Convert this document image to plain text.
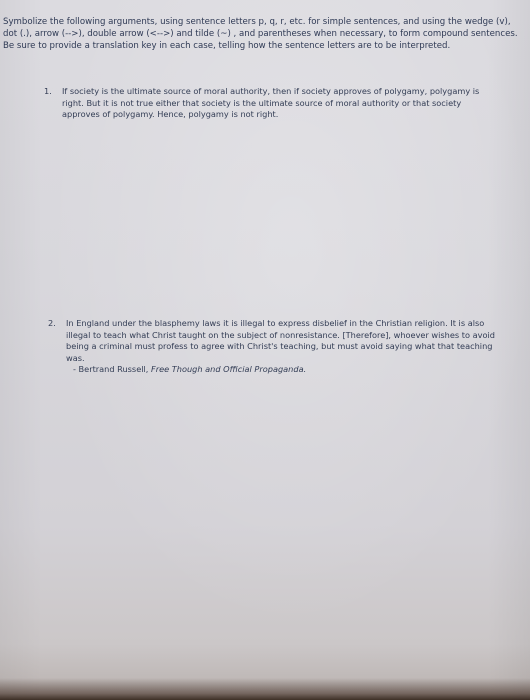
Symbolize the following arguments, using sentence letters p, q, r, etc. for simple sentences, and using the wedge (v), dot (.), arrow (-->), double arrow (<-->) and tilde (~) , and parentheses when necessary, to form compound sentences. Be sure to provide a translation key in each case, telling how the sentence letters are to be interpreted.

1.	If society is the ultimate source of moral authority, then if society approves of polygamy, polygamy is right. But it is not true either that society is the ultimate source of moral authority or that society approves of polygamy. Hence, polygamy is not right.
2.	In England under the blasphemy laws it is illegal to express disbelief in the Christian religion. It is also illegal to teach what Christ taught on the subject of nonresistance. [Therefore], whoever wishes to avoid being a criminal must profess to agree with Christ's teaching, but must avoid saying what that teaching was.
- Bertrand Russell, Free Though and Official Propaganda.
